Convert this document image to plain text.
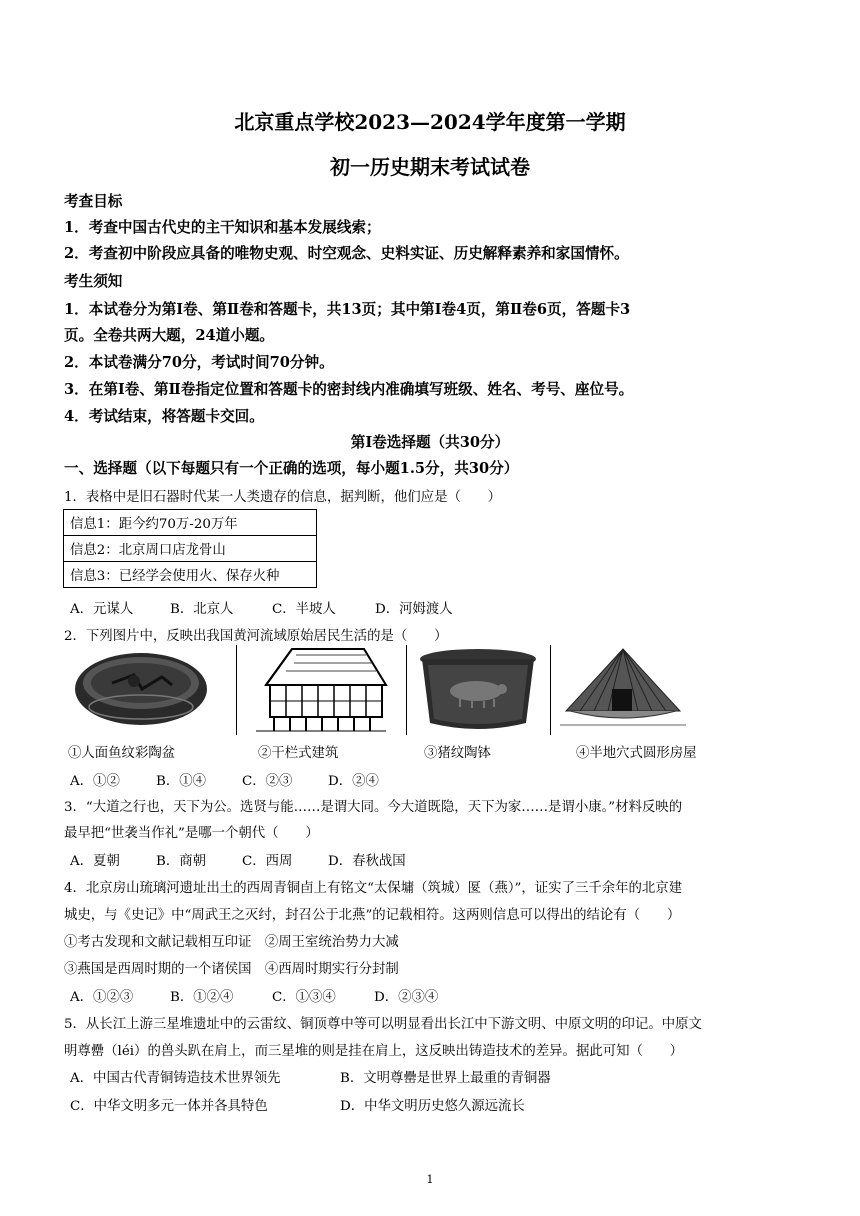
北京重点学校2023—2024学年度第一学期
初一历史期末考试试卷
考查目标
1．考查中国古代史的主干知识和基本发展线索；
2．考查初中阶段应具备的唯物史观、时空观念、史料实证、历史解释素养和家国情怀。
考生须知
1．本试卷分为第Ⅰ卷、第Ⅱ卷和答题卡，共13页；其中第Ⅰ卷4页，第Ⅱ卷6页，答题卡3
页。全卷共两大题，24道小题。
2．本试卷满分70分，考试时间70分钟。
3．在第Ⅰ卷、第Ⅱ卷指定位置和答题卡的密封线内准确填写班级、姓名、考号、座位号。
4．考试结束，将答题卡交回。
第Ⅰ卷选择题（共30分）
一、选择题（以下每题只有一个正确的选项，每小题1.5分，共30分）
1．表格中是旧石器时代某一人类遗存的信息，据判断，他们应是（　　）
信息1：距今约70万-20万年
信息2：北京周口店龙骨山
信息3：已经学会使用火、保存火种
A．元谋人	B．北京人	C．半坡人	D．河姆渡人
2．下列图片中，反映出我国黄河流域原始居民生活的是（　　）
①人面鱼纹彩陶盆	②干栏式建筑	③猪纹陶钵	④半地穴式圆形房屋
A．①②	B．①④	C．②③	D．②④
3．“大道之行也，天下为公。选贤与能……是谓大同。今大道既隐，天下为家……是谓小康。”材料反映的
最早把“世袭当作礼”是哪一个朝代（　　）
A．夏朝	B．商朝	C．西周	D．春秋战国
4．北京房山琉璃河遗址出土的西周青铜卣上有铭文“太保墉（筑城）匽（燕）”，证实了三千余年的北京建
城史，与《史记》中“周武王之灭纣，封召公于北燕”的记载相符。这两则信息可以得出的结论有（　　）
①考古发现和文献记载相互印证　②周王室统治势力大减
③燕国是西周时期的一个诸侯国　④西周时期实行分封制
A．①②③	B．①②④	C．①③④	D．②③④
5．从长江上游三星堆遗址中的云雷纹、铜顶尊中等可以明显看出长江中下游文明、中原文明的印记。中原文
明尊罍（léi）的兽头趴在肩上，而三星堆的则是挂在肩上，这反映出铸造技术的差异。据此可知（　　）
A．中国古代青铜铸造技术世界领先	B．文明尊罍是世界上最重的青铜器
C．中华文明多元一体并各具特色	D．中华文明历史悠久源远流长
1
